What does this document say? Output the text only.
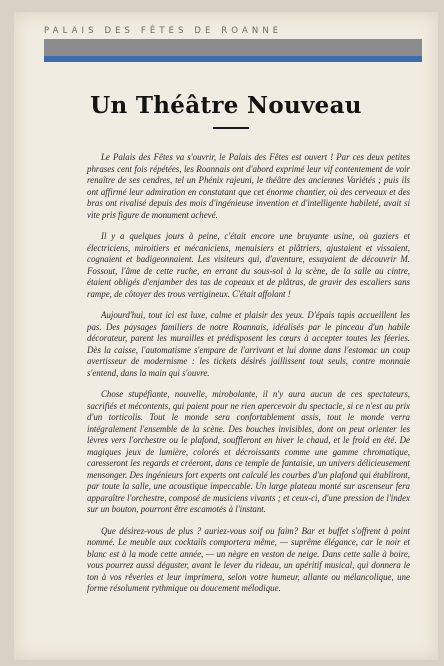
PALAIS DES FÊTES DE ROANNE
Un Théâtre Nouveau

Le Palais des Fêtes va s'ouvrir, le Palais des Fêtes est ouvert ! Par ces deux petites phrases cent fois répétées, les Roannais ont d'abord exprimé leur vif contentement de voir renaître de ses cendres, tel un Phénix rajeuni, le théâtre des anciennes Variétés ; puis ils ont affirmé leur admiration en constatant que cet énorme chantier, où des cerveaux et des bras ont rivalisé depuis des mois d'ingénieuse invention et d'intelligente habileté, avait si vite pris figure de monument achevé.

Il y a quelques jours à peine, c'était encore une bruyante usine, où gaziers et électriciens, miroitiers et mécaniciens, menuisiers et plâtriers, ajustaient et vissaient, cognaient et badigeonnaient. Les visiteurs qui, d'aventure, essayaient de découvrir M. Fossout, l'âme de cette ruche, en errant du sous-sol à la scène, de la salle au cintre, étaient obligés d'enjamber des tas de copeaux et de plâtras, de gravir des escaliers sans rampe, de côtoyer des trous vertigineux. C'était affolant !

Aujourd'hui, tout ici est luxe, calme et plaisir des yeux. D'épais tapis accueillent les pas. Des paysages familiers de notre Roannais, idéalisés par le pinceau d'un habile décorateur, parent les murailles et prédisposent les cœurs à accepter toutes les féeries. Dès la caisse, l'automatisme s'empare de l'arrivant et lui donne dans l'estomac un coup avertisseur de modernisme : les tickets désirés jaillissent tout seuls, contre monnaie s'entend, dans la main qui s'ouvre.

Chose stupéfiante, nouvelle, mirobolante, il n'y aura aucun de ces spectateurs, sacrifiés et mécontents, qui paient pour ne rien apercevoir du spectacle, si ce n'est au prix d'un torticolis. Tout le monde sera confortablement assis, tout le monde verra intégralement l'ensemble de la scène. Des bouches invisibles, dont on peut orienter les lèvres vers l'orchestre ou le plafond, souffleront en hiver le chaud, et le froid en été. De magiques jeux de lumière, colorés et décroissants comme une gamme chromatique, caresseront les regards et créeront, dans ce temple de fantaisie, un univers délicieusement mensonger. Des ingénieurs fort experts ont calculé les courbes d'un plafond qui établiront, par toute la salle, une acoustique impeccable. Un large plateau monté sur ascenseur fera apparaître l'orchestre, composé de musiciens vivants ; et ceux-ci, d'une pression de l'index sur un bouton, pourront être escamotés à l'instant.

Que désirez-vous de plus ? auriez-vous soif ou faim? Bar et buffet s'offrent à point nommé. Le meuble aux cocktails comportera même, — suprême élégance, car le noir et blanc est à la mode cette année, — un nègre en veston de neige. Dans cette salle à boire, vous pourrez aussi déguster, avant le lever du rideau, un apéritif musical, qui donnera le ton à vos rêveries et leur imprimera, selon votre humeur, allante ou mélancolique, une forme résolument rythmique ou doucement mélodique.
